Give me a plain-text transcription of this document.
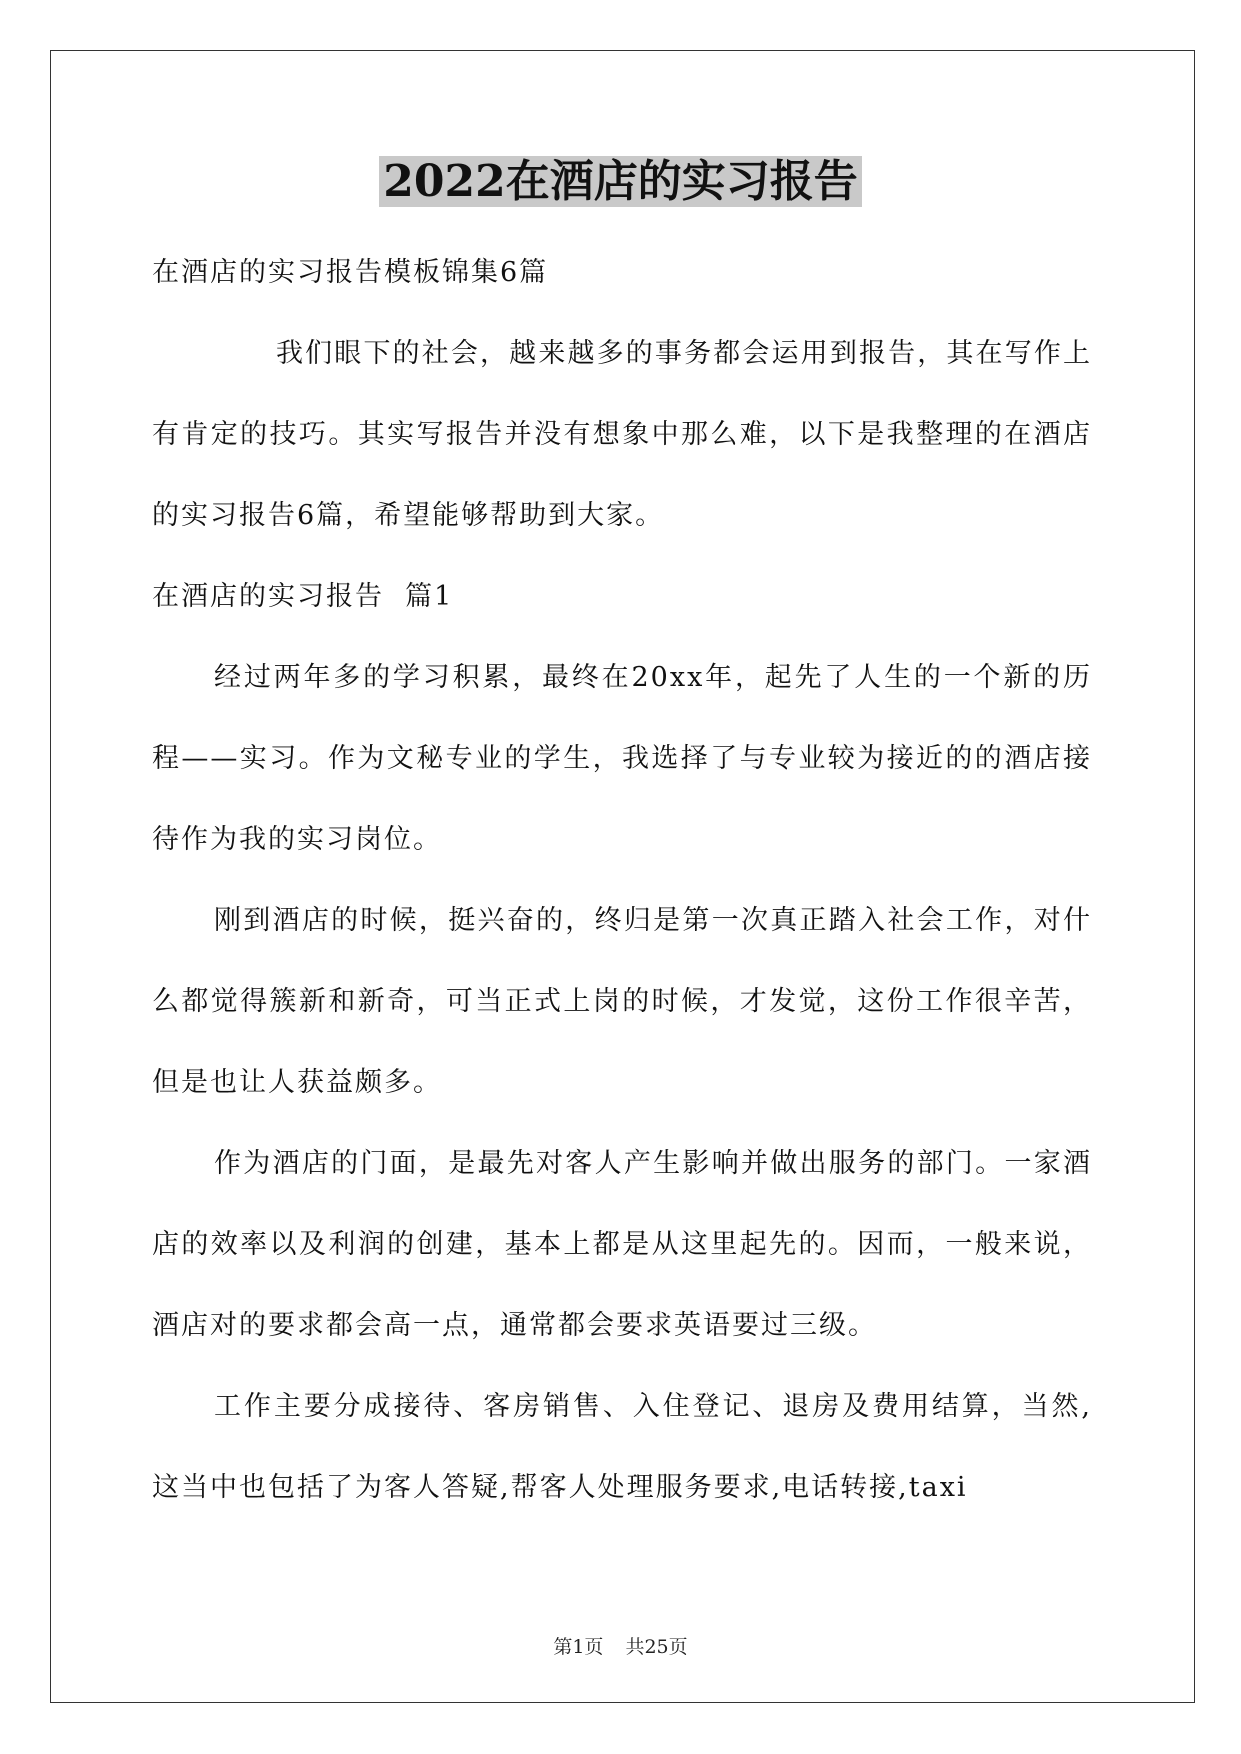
2022在酒店的实习报告

在酒店的实习报告模板锦集6篇

我们眼下的社会，越来越多的事务都会运用到报告，其在写作上有肯定的技巧。其实写报告并没有想象中那么难，以下是我整理的在酒店的实习报告6篇，希望能够帮助到大家。

在酒店的实习报告  篇1

经过两年多的学习积累，最终在20xx年，起先了人生的一个新的历程——实习。作为文秘专业的学生，我选择了与专业较为接近的的酒店接待作为我的实习岗位。

刚到酒店的时候，挺兴奋的，终归是第一次真正踏入社会工作，对什么都觉得簇新和新奇，可当正式上岗的时候，才发觉，这份工作很辛苦，但是也让人获益颇多。

作为酒店的门面，是最先对客人产生影响并做出服务的部门。一家酒店的效率以及利润的创建，基本上都是从这里起先的。因而，一般来说，酒店对的要求都会高一点，通常都会要求英语要过三级。

工作主要分成接待、客房销售、入住登记、退房及费用结算，当然,这当中也包括了为客人答疑,帮客人处理服务要求,电话转接,taxi

第1页 共25页
